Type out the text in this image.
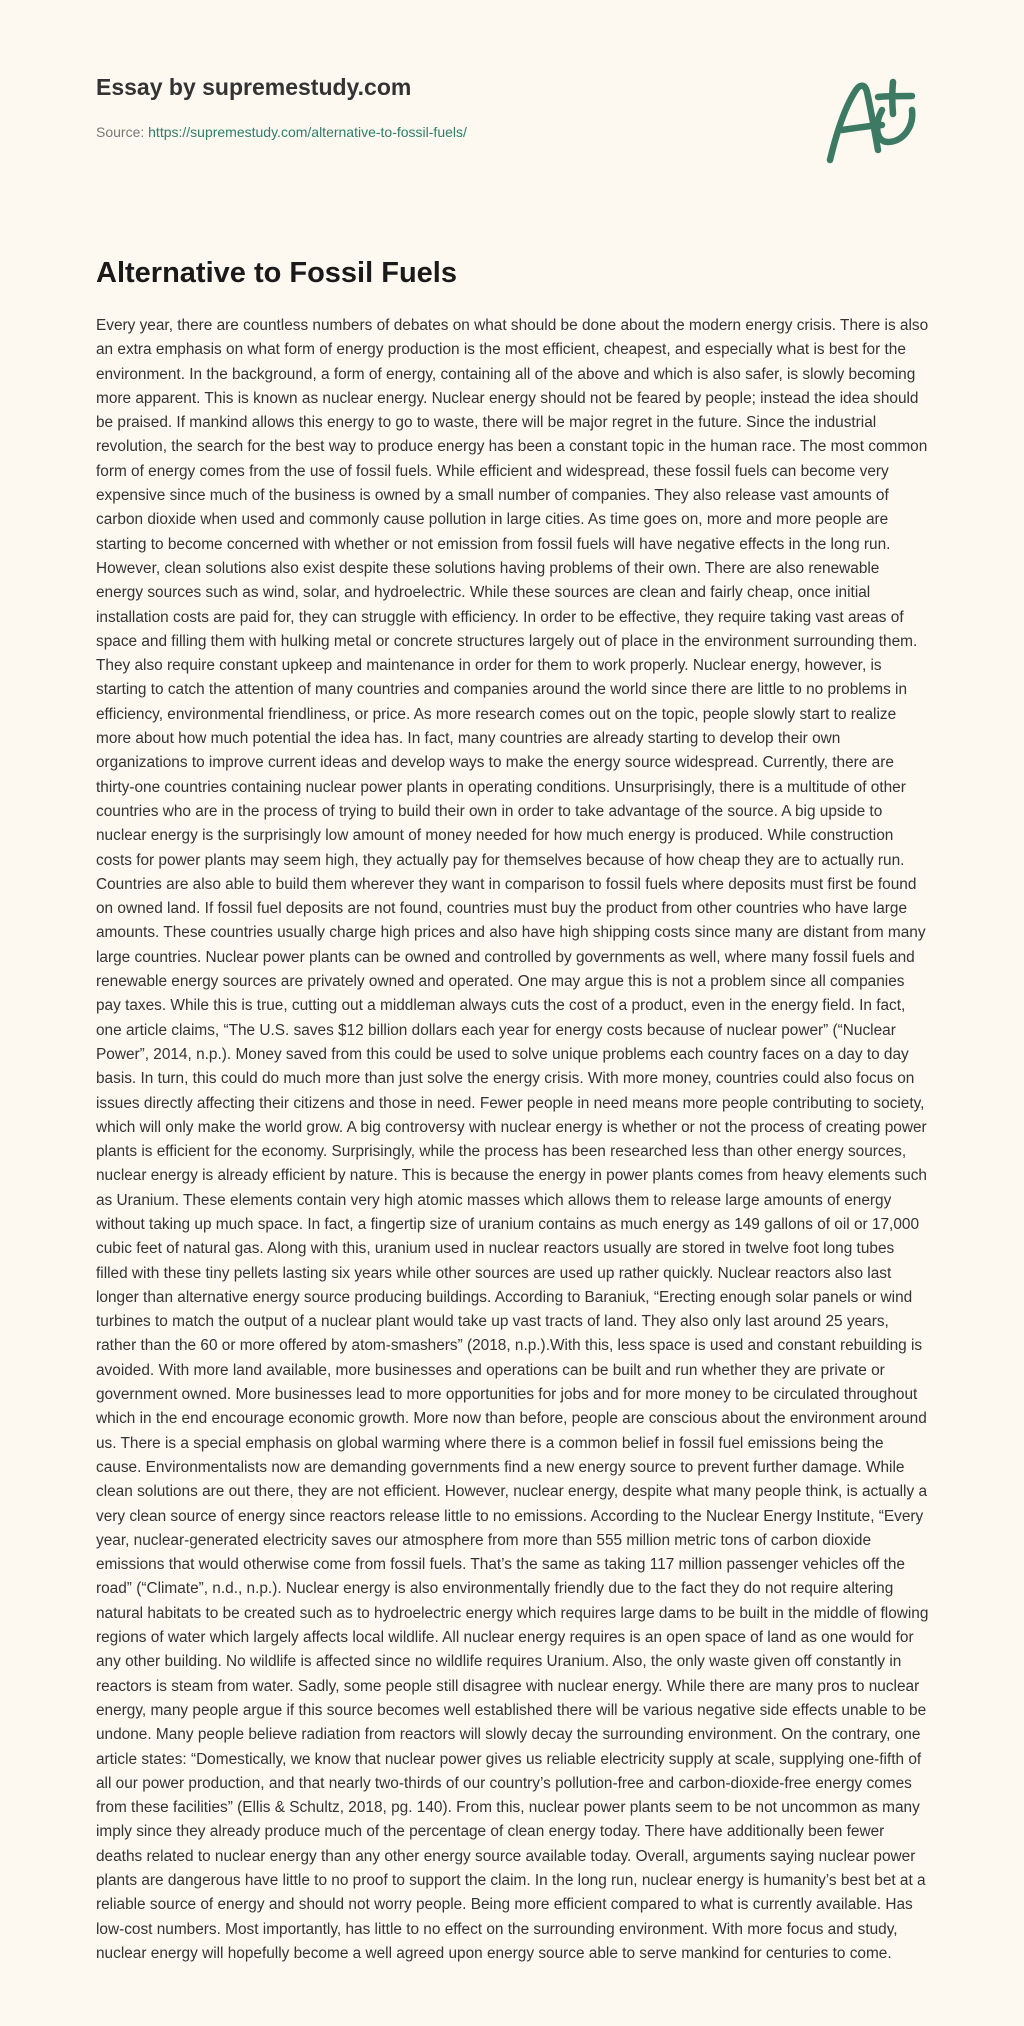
Essay by supremestudy.com
Source: https://supremestudy.com/alternative-to-fossil-fuels/
Alternative to Fossil Fuels

Every year, there are countless numbers of debates on what should be done about the modern energy crisis. There is also an extra emphasis on what form of energy production is the most efficient, cheapest, and especially what is best for the environment. In the background, a form of energy, containing all of the above and which is also safer, is slowly becoming more apparent. This is known as nuclear energy. Nuclear energy should not be feared by people; instead the idea should be praised. If mankind allows this energy to go to waste, there will be major regret in the future. Since the industrial revolution, the search for the best way to produce energy has been a constant topic in the human race. The most common form of energy comes from the use of fossil fuels. While efficient and widespread, these fossil fuels can become very expensive since much of the business is owned by a small number of companies. They also release vast amounts of carbon dioxide when used and commonly cause pollution in large cities. As time goes on, more and more people are starting to become concerned with whether or not emission from fossil fuels will have negative effects in the long run. However, clean solutions also exist despite these solutions having problems of their own. There are also renewable energy sources such as wind, solar, and hydroelectric. While these sources are clean and fairly cheap, once initial installation costs are paid for, they can struggle with efficiency. In order to be effective, they require taking vast areas of space and filling them with hulking metal or concrete structures largely out of place in the environment surrounding them. They also require constant upkeep and maintenance in order for them to work properly. Nuclear energy, however, is starting to catch the attention of many countries and companies around the world since there are little to no problems in efficiency, environmental friendliness, or price. As more research comes out on the topic, people slowly start to realize more about how much potential the idea has. In fact, many countries are already starting to develop their own organizations to improve current ideas and develop ways to make the energy source widespread. Currently, there are thirty-one countries containing nuclear power plants in operating conditions. Unsurprisingly, there is a multitude of other countries who are in the process of trying to build their own in order to take advantage of the source. A big upside to nuclear energy is the surprisingly low amount of money needed for how much energy is produced. While construction costs for power plants may seem high, they actually pay for themselves because of how cheap they are to actually run. Countries are also able to build them wherever they want in comparison to fossil fuels where deposits must first be found on owned land. If fossil fuel deposits are not found, countries must buy the product from other countries who have large amounts. These countries usually charge high prices and also have high shipping costs since many are distant from many large countries. Nuclear power plants can be owned and controlled by governments as well, where many fossil fuels and renewable energy sources are privately owned and operated. One may argue this is not a problem since all companies pay taxes. While this is true, cutting out a middleman always cuts the cost of a product, even in the energy field. In fact, one article claims, “The U.S. saves $12 billion dollars each year for energy costs because of nuclear power” (“Nuclear Power”, 2014, n.p.). Money saved from this could be used to solve unique problems each country faces on a day to day basis. In turn, this could do much more than just solve the energy crisis. With more money, countries could also focus on issues directly affecting their citizens and those in need. Fewer people in need means more people contributing to society, which will only make the world grow. A big controversy with nuclear energy is whether or not the process of creating power plants is efficient for the economy. Surprisingly, while the process has been researched less than other energy sources, nuclear energy is already efficient by nature. This is because the energy in power plants comes from heavy elements such as Uranium. These elements contain very high atomic masses which allows them to release large amounts of energy without taking up much space. In fact, a fingertip size of uranium contains as much energy as 149 gallons of oil or 17,000 cubic feet of natural gas. Along with this, uranium used in nuclear reactors usually are stored in twelve foot long tubes filled with these tiny pellets lasting six years while other sources are used up rather quickly. Nuclear reactors also last longer than alternative energy source producing buildings. According to Baraniuk, “Erecting enough solar panels or wind turbines to match the output of a nuclear plant would take up vast tracts of land. They also only last around 25 years, rather than the 60 or more offered by atom-smashers” (2018, n.p.).With this, less space is used and constant rebuilding is avoided. With more land available, more businesses and operations can be built and run whether they are private or government owned. More businesses lead to more opportunities for jobs and for more money to be circulated throughout which in the end encourage economic growth. More now than before, people are conscious about the environment around us. There is a special emphasis on global warming where there is a common belief in fossil fuel emissions being the cause. Environmentalists now are demanding governments find a new energy source to prevent further damage. While clean solutions are out there, they are not efficient. However, nuclear energy, despite what many people think, is actually a very clean source of energy since reactors release little to no emissions. According to the Nuclear Energy Institute, “Every year, nuclear-generated electricity saves our atmosphere from more than 555 million metric tons of carbon dioxide emissions that would otherwise come from fossil fuels. That’s the same as taking 117 million passenger vehicles off the road” (“Climate”, n.d., n.p.). Nuclear energy is also environmentally friendly due to the fact they do not require altering natural habitats to be created such as to hydroelectric energy which requires large dams to be built in the middle of flowing regions of water which largely affects local wildlife. All nuclear energy requires is an open space of land as one would for any other building. No wildlife is affected since no wildlife requires Uranium. Also, the only waste given off constantly in reactors is steam from water. Sadly, some people still disagree with nuclear energy. While there are many pros to nuclear energy, many people argue if this source becomes well established there will be various negative side effects unable to be undone. Many people believe radiation from reactors will slowly decay the surrounding environment. On the contrary, one article states: “Domestically, we know that nuclear power gives us reliable electricity supply at scale, supplying one-fifth of all our power production, and that nearly two-thirds of our country’s pollution-free and carbon-dioxide-free energy comes from these facilities” (Ellis & Schultz, 2018, pg. 140). From this, nuclear power plants seem to be not uncommon as many imply since they already produce much of the percentage of clean energy today. There have additionally been fewer deaths related to nuclear energy than any other energy source available today. Overall, arguments saying nuclear power plants are dangerous have little to no proof to support the claim. In the long run, nuclear energy is humanity’s best bet at a reliable source of energy and should not worry people. Being more efficient compared to what is currently available. Has low-cost numbers. Most importantly, has little to no effect on the surrounding environment. With more focus and study, nuclear energy will hopefully become a well agreed upon energy source able to serve mankind for centuries to come.
